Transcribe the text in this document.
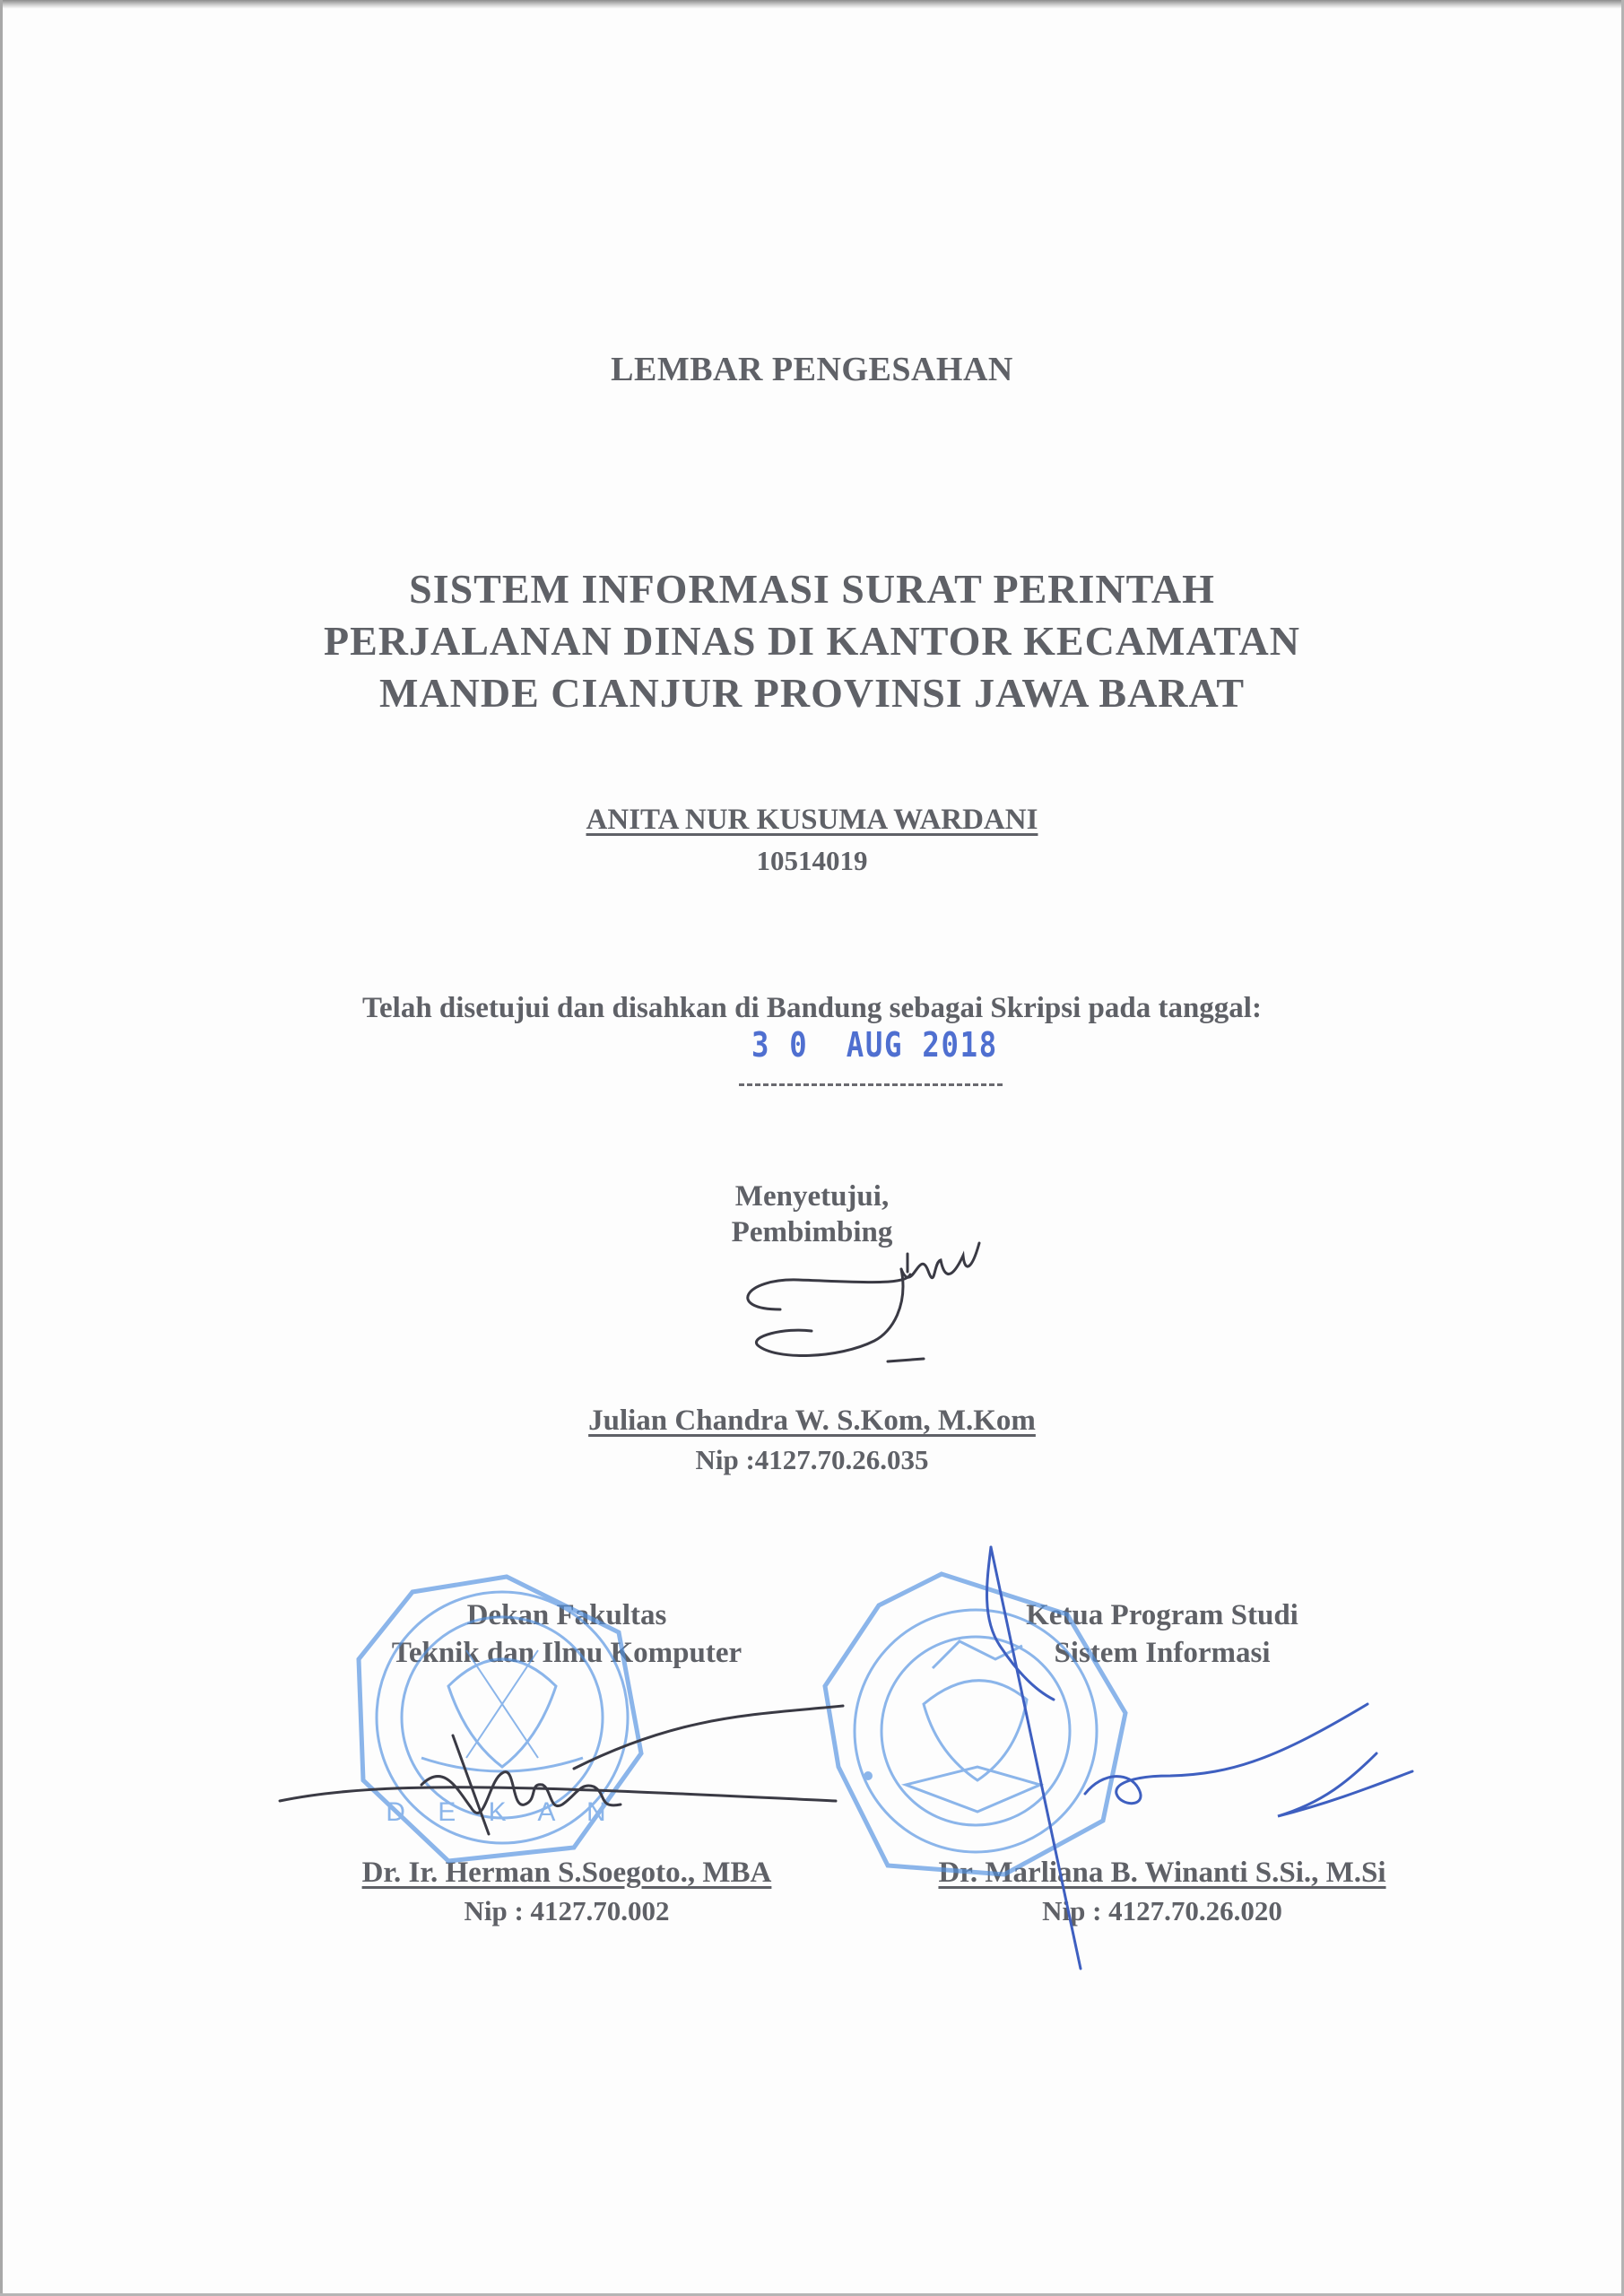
LEMBAR PENGESAHAN
SISTEM INFORMASI SURAT PERINTAH
PERJALANAN DINAS DI KANTOR KECAMATAN
MANDE CIANJUR PROVINSI JAWA BARAT
ANITA NUR KUSUMA WARDANI
10514019
Telah disetujui dan disahkan di Bandung sebagai Skripsi pada tanggal:
3 0  AUG 2018
Menyetujui,
Pembimbing
Julian Chandra W. S.Kom, M.Kom
Nip :4127.70.26.035
Dekan Fakultas
Teknik dan Ilmu Komputer
Dr. Ir. Herman S.Soegoto., MBA
Nip : 4127.70.002
Ketua Program Studi
Sistem Informasi
Dr. Marliana B. Winanti S.Si., M.Si
Nip : 4127.70.26.020
D E K A N
